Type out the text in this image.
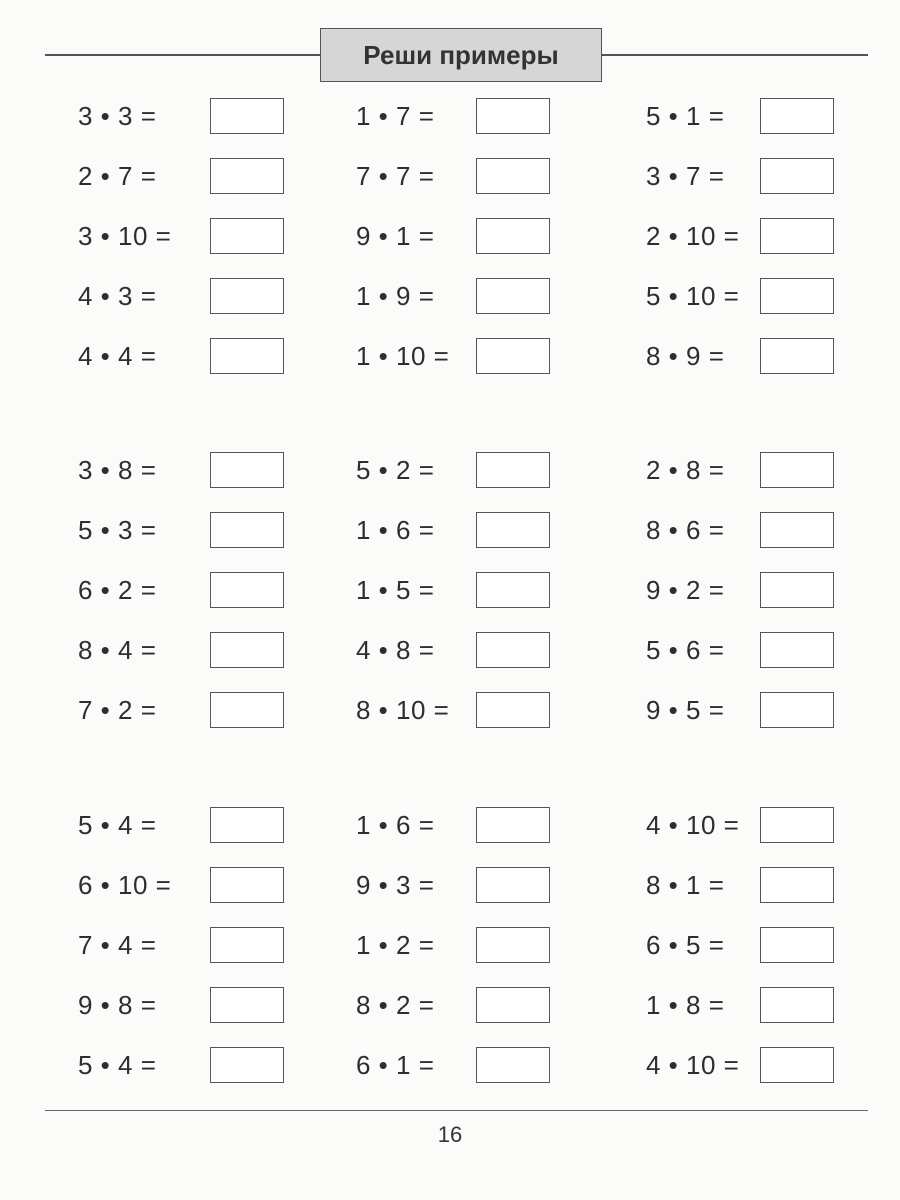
Реши примеры
3 • 3 =
2 • 7 =
3 • 10 =
4 • 3 =
4 • 4 =
1 • 7 =
7 • 7 =
9 • 1 =
1 • 9 =
1 • 10 =
5 • 1 =
3 • 7 =
2 • 10 =
5 • 10 =
8 • 9 =
3 • 8 =
5 • 3 =
6 • 2 =
8 • 4 =
7 • 2 =
5 • 2 =
1 • 6 =
1 • 5 =
4 • 8 =
8 • 10 =
2 • 8 =
8 • 6 =
9 • 2 =
5 • 6 =
9 • 5 =
5 • 4 =
6 • 10 =
7 • 4 =
9 • 8 =
5 • 4 =
1 • 6 =
9 • 3 =
1 • 2 =
8 • 2 =
6 • 1 =
4 • 10 =
8 • 1 =
6 • 5 =
1 • 8 =
4 • 10 =
16
